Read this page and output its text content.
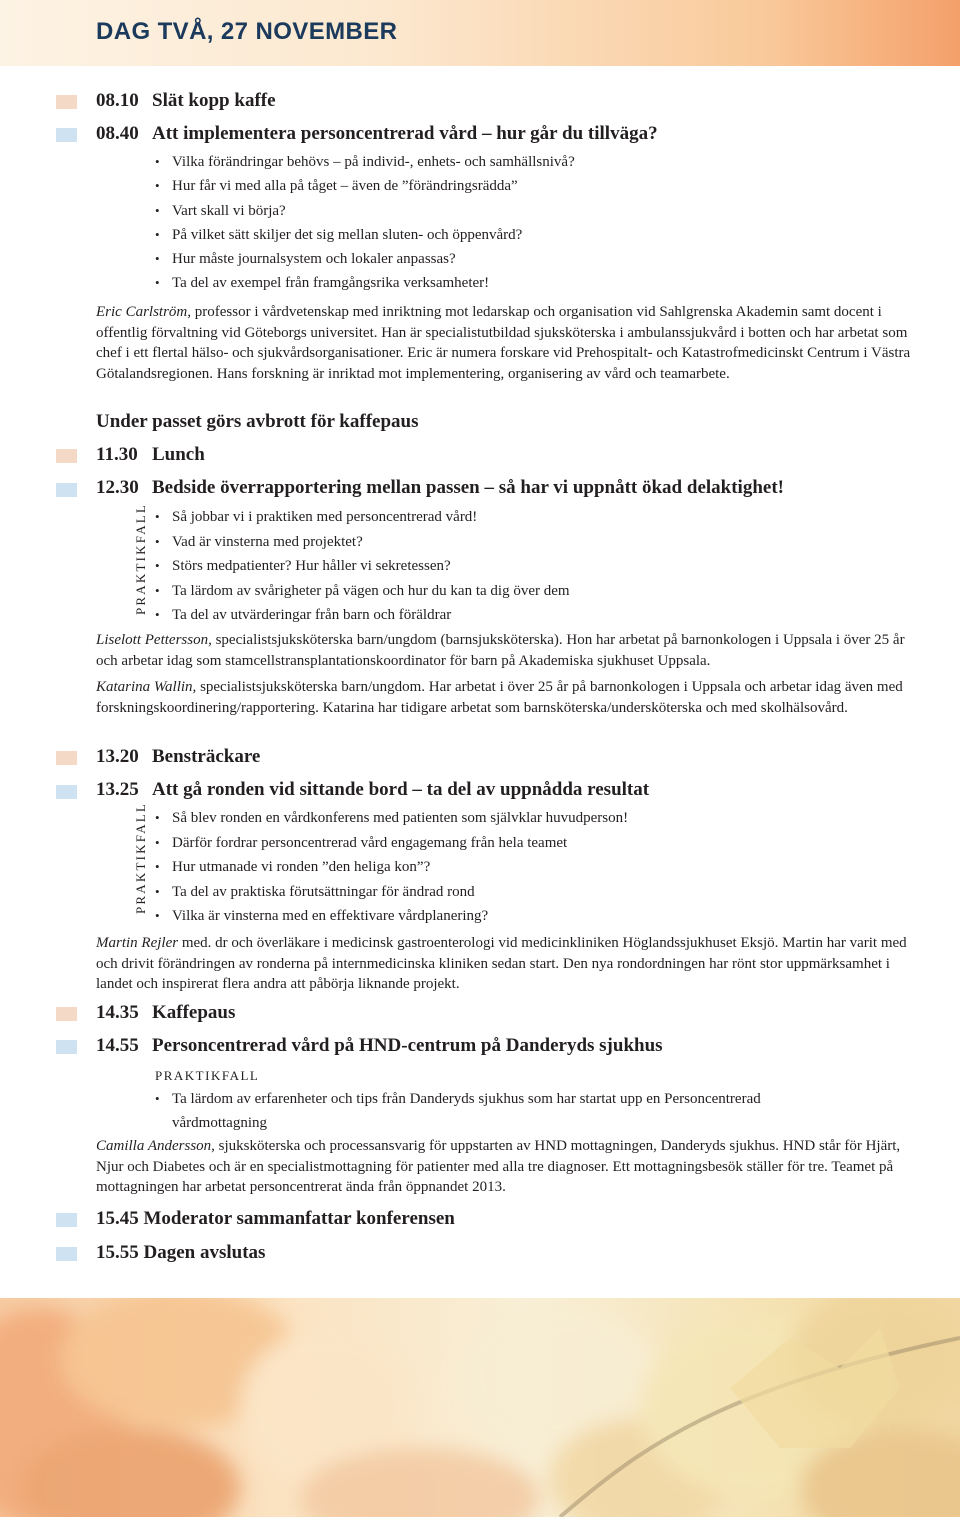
DAG TVÅ, 27 NOVEMBER

08.10 Slät kopp kaffe

08.40 Att implementera personcentrerad vård – hur går du tillväga?

• Vilka förändringar behövs – på individ-, enhets- och samhällsnivå?
• Hur får vi med alla på tåget – även de ”förändringsrädda”
• Vart skall vi börja?
• På vilket sätt skiljer det sig mellan sluten- och öppenvård?
• Hur måste journalsystem och lokaler anpassas?
• Ta del av exempel från framgångsrika verksamheter!

Eric Carlström, professor i vårdvetenskap med inriktning mot ledarskap och organisation vid Sahlgrenska Akademin samt docent i offentlig förvaltning vid Göteborgs universitet. Han är specialistutbildad sjuksköterska i ambulanssjukvård i botten och har arbetat som chef i ett flertal hälso- och sjukvårdsorganisationer. Eric är numera forskare vid Prehospitalt- och Katastrofmedicinskt Centrum i Västra Götalandsregionen. Hans forskning är inriktad mot implementering, organisering av vård och teamarbete.

Under passet görs avbrott för kaffepaus

11.30 Lunch

12.30 Bedside överrapportering mellan passen – så har vi uppnått ökad delaktighet!

PRAKTIKFALL	• Så jobbar vi i praktiken med personcentrerad vård!
• Vad är vinsterna med projektet?
• Störs medpatienter? Hur håller vi sekretessen?
• Ta lärdom av svårigheter på vägen och hur du kan ta dig över dem
• Ta del av utvärderingar från barn och föräldrar

Liselott Pettersson, specialistsjuksköterska barn/ungdom (barnsjuksköterska). Hon har arbetat på barnonkologen i Uppsala i över 25 år och arbetar idag som stamcellstransplantationskoordinator för barn på Akademiska sjukhuset Uppsala.

Katarina Wallin, specialistsjuksköterska barn/ungdom. Har arbetat i över 25 år på barnonkologen i Uppsala och arbetar idag även med forskningskoordinering/rapportering. Katarina har tidigare arbetat som barnsköterska/undersköterska och med skolhälsovård.

13.20 Bensträckare

13.25 Att gå ronden vid sittande bord – ta del av uppnådda resultat

PRAKTIKFALL	• Så blev ronden en vårdkonferens med patienten som självklar huvudperson!
• Därför fordrar personcentrerad vård engagemang från hela teamet
• Hur utmanade vi ronden ”den heliga kon”?
• Ta del av praktiska förutsättningar för ändrad rond
• Vilka är vinsterna med en effektivare vårdplanering?

Martin Rejler med. dr och överläkare i medicinsk gastroenterologi vid medicinkliniken Höglandssjukhuset Eksjö. Martin har varit med och drivit förändringen av ronderna på internmedicinska kliniken sedan start. Den nya rondordningen har rönt stor uppmärksamhet i landet och inspirerat flera andra att påbörja liknande projekt.

14.35 Kaffepaus

14.55 Personcentrerad vård på HND-centrum på Danderyds sjukhus

PRAKTIKFALL

• Ta lärdom av erfarenheter och tips från Danderyds sjukhus som har startat upp en Personcentrerad
vårdmottagning

Camilla Andersson, sjuksköterska och processansvarig för uppstarten av HND mottagningen, Danderyds sjukhus. HND står för Hjärt, Njur och Diabetes och är en specialistmottagning för patienter med alla tre diagnoser. Ett mottagningsbesök ställer för tre. Teamet på mottagningen har arbetat personcentrerat ända från öppnandet 2013.

15.45 Moderator sammanfattar konferensen

15.55 Dagen avslutas
